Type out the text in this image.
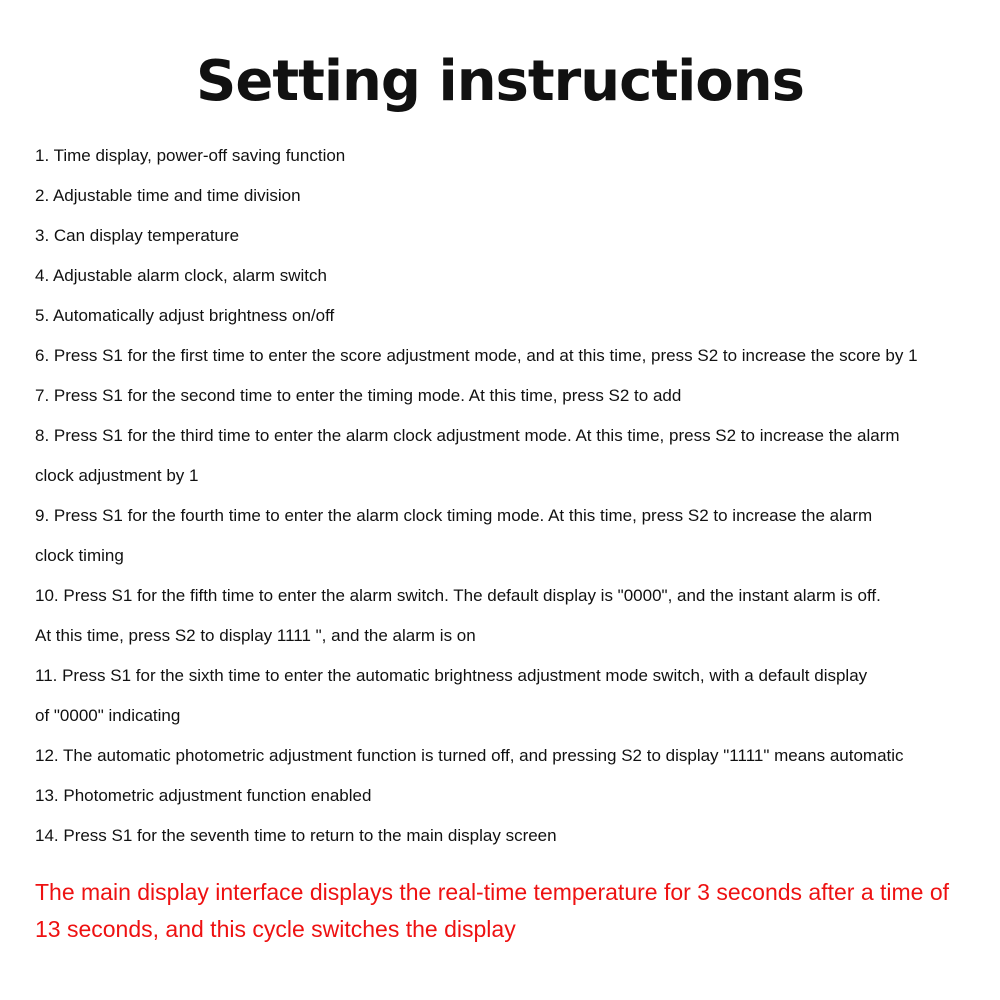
Setting instructions
1. Time display, power-off saving function
2. Adjustable time and time division
3. Can display temperature
4. Adjustable alarm clock, alarm switch
5. Automatically adjust brightness on/off
6. Press S1 for the first time to enter the score adjustment mode, and at this time, press S2 to increase the score by 1
7. Press S1 for the second time to enter the timing mode. At this time, press S2 to add
8. Press S1 for the third time to enter the alarm clock adjustment mode. At this time, press S2 to increase the alarm
clock adjustment by 1
9. Press S1 for the fourth time to enter the alarm clock timing mode. At this time, press S2 to increase the alarm
clock timing
10. Press S1 for the fifth time to enter the alarm switch. The default display is "0000", and the instant alarm is off.
At this time, press S2 to display 1111 ", and the alarm is on
11. Press S1 for the sixth time to enter the automatic brightness adjustment mode switch, with a default display
of "0000" indicating
12. The automatic photometric adjustment function is turned off, and pressing S2 to display "1111" means automatic
13. Photometric adjustment function enabled
14. Press S1 for the seventh time to return to the main display screen

The main display interface displays the real-time temperature for 3 seconds after a time of 13 seconds, and this cycle switches the display
